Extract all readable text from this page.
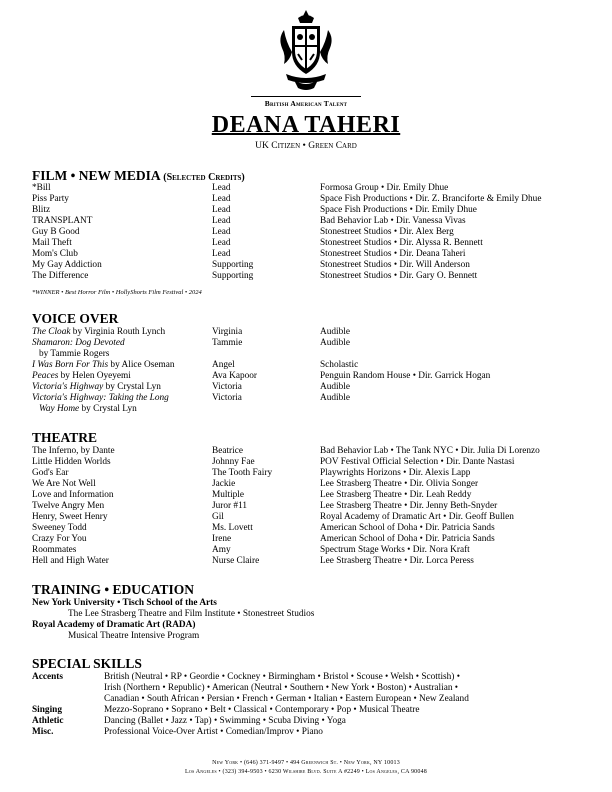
British American Talent
DEANA TAHERI
UK Citizen • Green Card
FILM • NEW MEDIA (Selected Credits)
*Bill	Lead	Formosa Group • Dir. Emily Dhue
Piss Party	Lead	Space Fish Productions • Dir. Z. Branciforte & Emily Dhue
Blitz	Lead	Space Fish Productions • Dir. Emily Dhue
TRANSPLANT	Lead	Bad Behavior Lab • Dir. Vanessa Vivas
Guy B Good	Lead	Stonestreet Studios • Dir. Alex Berg
Mail Theft	Lead	Stonestreet Studios • Dir. Alyssa R. Bennett
Mom's Club	Lead	Stonestreet Studios • Dir. Deana Taheri
My Gay Addiction	Supporting	Stonestreet Studios • Dir. Will Anderson
The Difference	Supporting	Stonestreet Studios • Dir. Gary O. Bennett
*WINNER • Best Horror Film • HollyShorts Film Festival • 2024
VOICE OVER
The Cloak by Virginia Routh Lynch	Virginia	Audible
Shamaron: Dog Devoted	Tammie	Audible
by Tammie Rogers
I Was Born For This by Alice Oseman	Angel	Scholastic
Peaces by Helen Oyeyemi	Ava Kapoor	Penguin Random House • Dir. Garrick Hogan
Victoria's Highway by Crystal Lyn	Victoria	Audible
Victoria's Highway: Taking the Long	Victoria	Audible
Way Home by Crystal Lyn
THEATRE
The Inferno, by Dante	Beatrice	Bad Behavior Lab • The Tank NYC • Dir. Julia Di Lorenzo
Little Hidden Worlds	Johnny Fae	POV Festival Official Selection • Dir. Dante Nastasi
God's Ear	The Tooth Fairy	Playwrights Horizons • Dir. Alexis Lapp
We Are Not Well	Jackie	Lee Strasberg Theatre • Dir. Olivia Songer
Love and Information	Multiple	Lee Strasberg Theatre • Dir. Leah Reddy
Twelve Angry Men	Juror #11	Lee Strasberg Theatre • Dir. Jenny Beth-Snyder
Henry, Sweet Henry	Gil	Royal Academy of Dramatic Art • Dir. Geoff Bullen
Sweeney Todd	Ms. Lovett	American School of Doha • Dir. Patricia Sands
Crazy For You	Irene	American School of Doha • Dir. Patricia Sands
Roommates	Amy	Spectrum Stage Works • Dir. Nora Kraft
Hell and High Water	Nurse Claire	Lee Strasberg Theatre • Dir. Lorca Peress
TRAINING • EDUCATION
New York University • Tisch School of the Arts
The Lee Strasberg Theatre and Film Institute • Stonestreet Studios
Royal Academy of Dramatic Art (RADA)
Musical Theatre Intensive Program
SPECIAL SKILLS
Accents	British (Neutral • RP • Geordie • Cockney • Birmingham • Bristol • Scouse • Welsh • Scottish) •
Irish (Northern • Republic) • American (Neutral • Southern • New York • Boston) • Australian •
Canadian • South African • Persian • French • German • Italian • Eastern European • New Zealand
Singing	Mezzo-Soprano • Soprano • Belt • Classical • Contemporary • Pop • Musical Theatre
Athletic	Dancing (Ballet • Jazz • Tap) • Swimming • Scuba Diving • Yoga
Misc.	Professional Voice-Over Artist • Comedian/Improv • Piano
New York • (646) 371-9497 • 494 Greenwich St. • New York, NY 10013
Los Angeles • (323) 394-9503 • 6230 Wilshire Blvd. Suite A #2249 • Los Angeles, CA 90048
